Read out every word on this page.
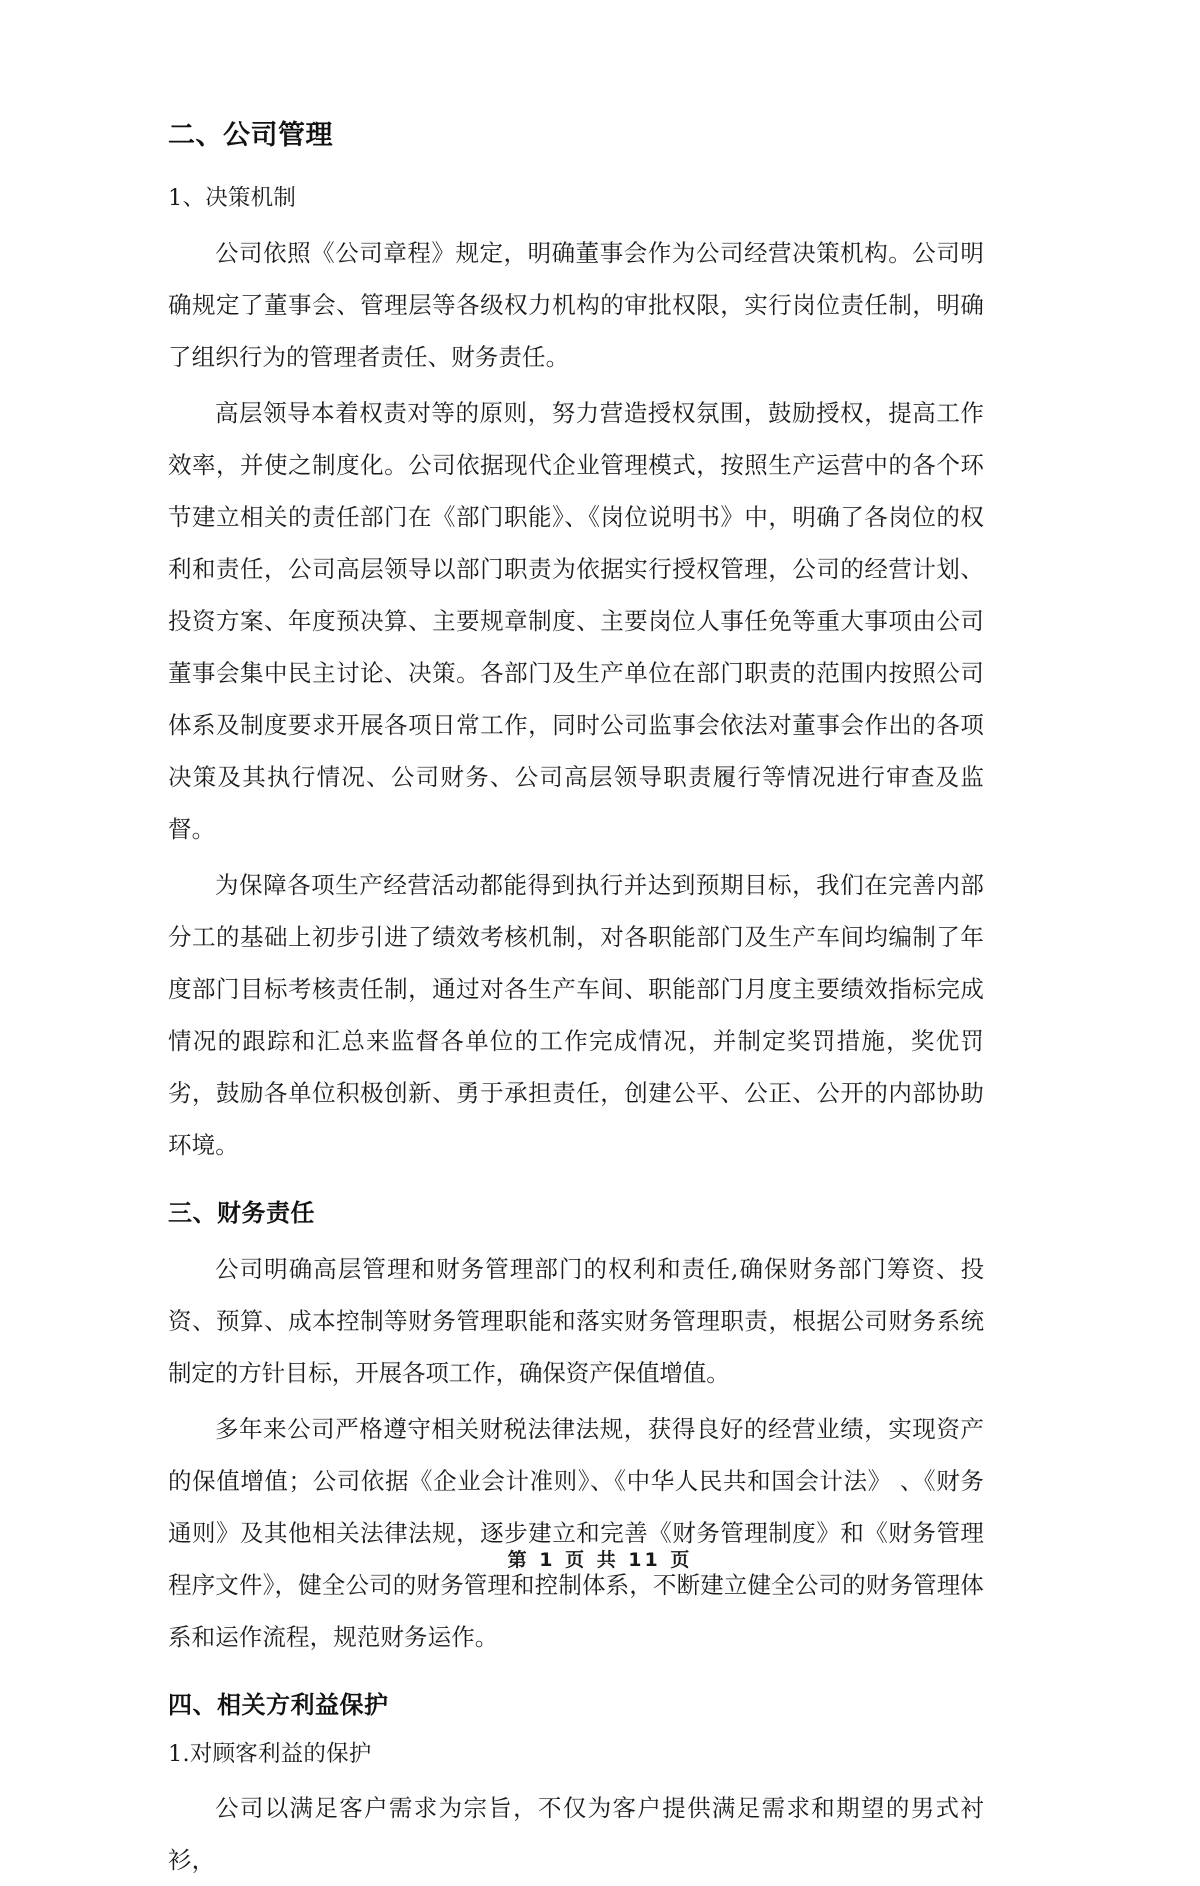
二、公司管理

1、决策机制

公司依照《公司章程》规定，明确董事会作为公司经营决策机构。公司明确规定了董事会、管理层等各级权力机构的审批权限，实行岗位责任制，明确了组织行为的管理者责任、财务责任。

高层领导本着权责对等的原则，努力营造授权氛围，鼓励授权，提高工作效率，并使之制度化。公司依据现代企业管理模式，按照生产运营中的各个环节建立相关的责任部门在《部门职能》、《岗位说明书》中，明确了各岗位的权利和责任，公司高层领导以部门职责为依据实行授权管理，公司的经营计划、投资方案、年度预决算、主要规章制度、主要岗位人事任免等重大事项由公司董事会集中民主讨论、决策。各部门及生产单位在部门职责的范围内按照公司体系及制度要求开展各项日常工作，同时公司监事会依法对董事会作出的各项决策及其执行情况、公司财务、公司高层领导职责履行等情况进行审查及监督。

为保障各项生产经营活动都能得到执行并达到预期目标，我们在完善内部分工的基础上初步引进了绩效考核机制，对各职能部门及生产车间均编制了年度部门目标考核责任制，通过对各生产车间、职能部门月度主要绩效指标完成情况的跟踪和汇总来监督各单位的工作完成情况，并制定奖罚措施，奖优罚劣，鼓励各单位积极创新、勇于承担责任，创建公平、公正、公开的内部协助环境。

三、财务责任

公司明确高层管理和财务管理部门的权利和责任,确保财务部门筹资、投资、预算、成本控制等财务管理职能和落实财务管理职责，根据公司财务系统制定的方针目标，开展各项工作，确保资产保值增值。

多年来公司严格遵守相关财税法律法规，获得良好的经营业绩，实现资产的保值增值；公司依据《企业会计准则》、《中华人民共和国会计法》 、《财务通则》及其他相关法律法规，逐步建立和完善《财务管理制度》和《财务管理程序文件》，健全公司的财务管理和控制体系，不断建立健全公司的财务管理体系和运作流程，规范财务运作。

四、相关方利益保护

1.对顾客利益的保护

公司以满足客户需求为宗旨，不仅为客户提供满足需求和期望的男式衬衫，

第 1 页 共 11 页
